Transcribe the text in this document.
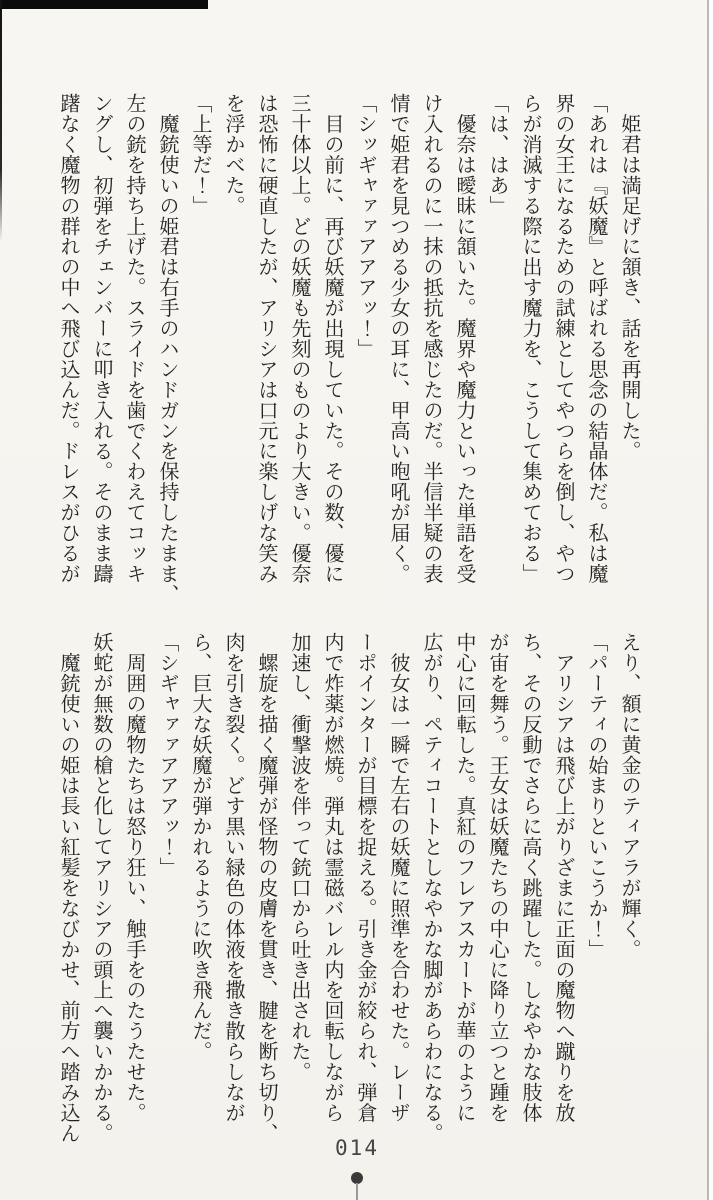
　姫君は満足げに頷き、話を再開した。
「あれは『妖魔』と呼ばれる思念の結晶体だ。私は魔
界の女王になるための試練としてやつらを倒し、やつ
らが消滅する際に出す魔力を、こうして集めておる」
「は、はあ」
　優奈は曖昧に頷いた。魔界や魔力といった単語を受
け入れるのに一抹の抵抗を感じたのだ。半信半疑の表
情で姫君を見つめる少女の耳に、甲高い咆吼が届く。
「シッギャァァアアアッ！」
　目の前に、再び妖魔が出現していた。その数、優に
三十体以上。どの妖魔も先刻のものより大きい。優奈
は恐怖に硬直したが、アリシアは口元に楽しげな笑み
を浮かべた。
「上等だ！」
　魔銃使いの姫君は右手のハンドガンを保持したまま、
左の銃を持ち上げた。スライドを歯でくわえてコッキ
ングし、初弾をチェンバーに叩き入れる。そのまま躊
躇なく魔物の群れの中へ飛び込んだ。ドレスがひるが
えり、額に黄金のティアラが輝く。
「パーティの始まりといこうか！」
　アリシアは飛び上がりざまに正面の魔物へ蹴りを放
ち、その反動でさらに高く跳躍した。しなやかな肢体
が宙を舞う。王女は妖魔たちの中心に降り立つと踵を
中心に回転した。真紅のフレアスカートが華のように
広がり、ペティコートとしなやかな脚があらわになる。
　彼女は一瞬で左右の妖魔に照準を合わせた。レーザ
ーポインターが目標を捉える。引き金が絞られ、弾倉
内で炸薬が燃焼。弾丸は霊磁バレル内を回転しながら
加速し、衝撃波を伴って銃口から吐き出された。
　螺旋を描く魔弾が怪物の皮膚を貫き、腱を断ち切り、
肉を引き裂く。どす黒い緑色の体液を撒き散らしなが
ら、巨大な妖魔が弾かれるように吹き飛んだ。
「シギャァァアアアッ！」
　周囲の魔物たちは怒り狂い、触手をのたうたせた。
妖蛇が無数の槍と化してアリシアの頭上へ襲いかかる。
　魔銃使いの姫は長い紅髪をなびかせ、前方へ踏み込ん
014
